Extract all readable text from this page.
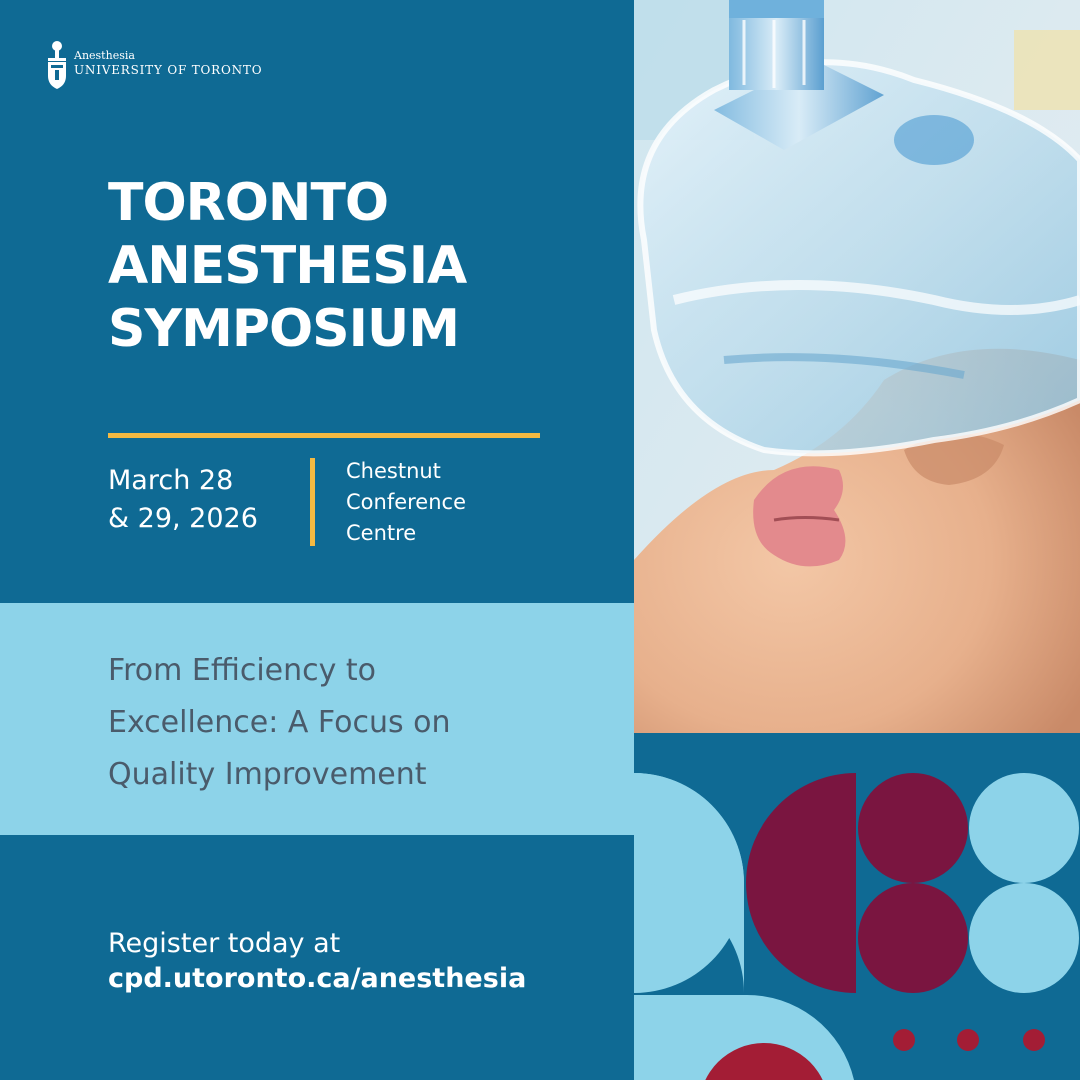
Anesthesia
UNIVERSITY OF TORONTO
TORONTO
ANESTHESIA
SYMPOSIUM
March 28
& 29, 2026
Chestnut
Conference
Centre
From Efficiency to
Excellence: A Focus on
Quality Improvement
Register today at
cpd.utoronto.ca/anesthesia
